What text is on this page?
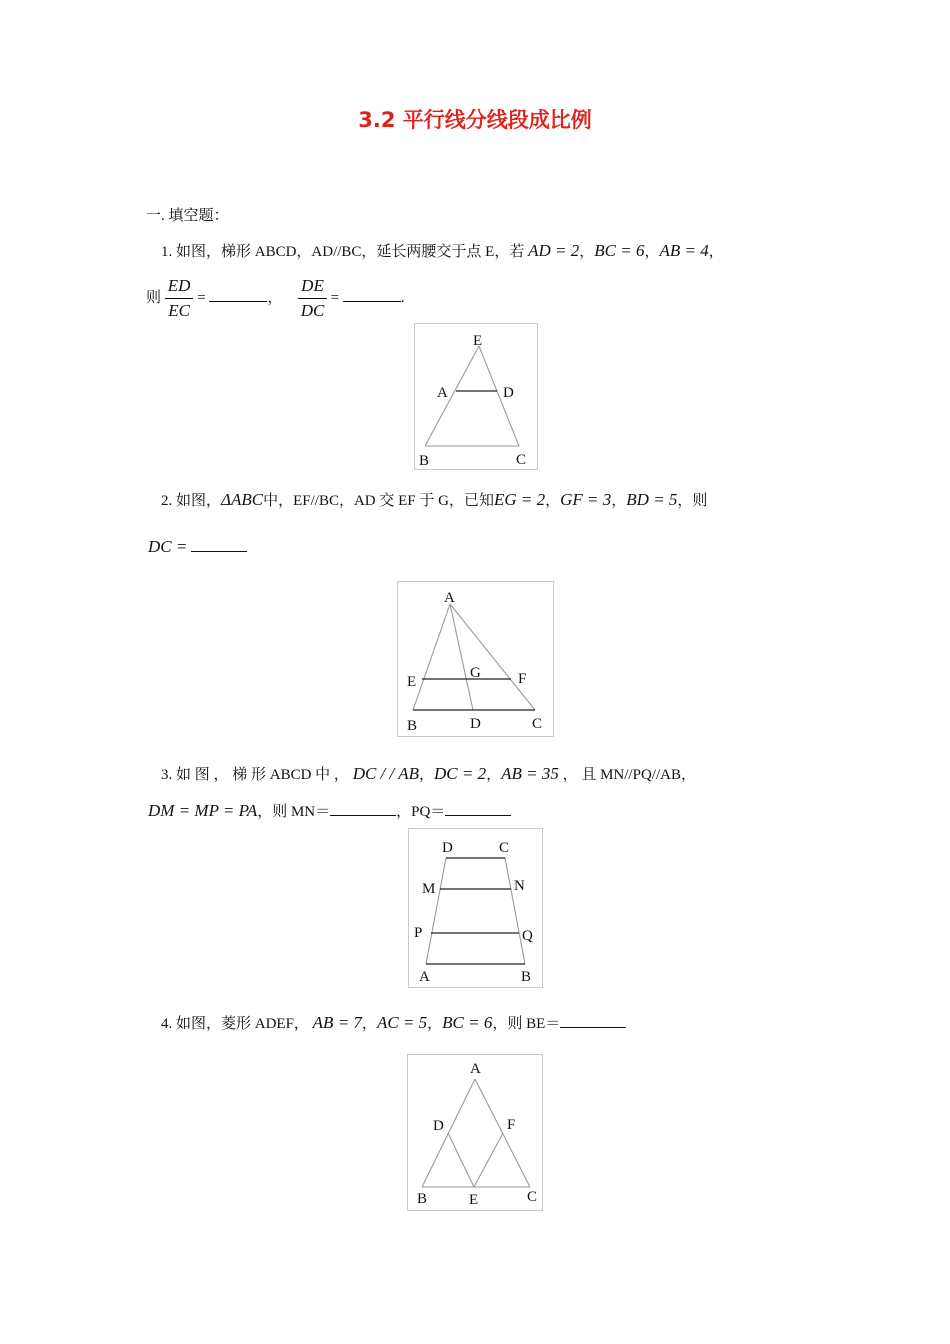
3.2 平行线分线段成比例
一. 填空题：
1. 如图，梯形 ABCD，AD//BC，延长两腰交于点 E，若 AD = 2，BC = 6，AB = 4，
则 $\frac{ED}{EC}$ =	， $\frac{DE}{DC}$ =	.
E
A	D
B	C
2. 如图，ΔABC中，EF//BC，AD 交 EF 于 G，已知EG = 2，GF = 3，BD = 5，则
DC =
A
G
E	F
B	D	C
3. 如 图 ， 梯 形 ABCD 中 ， DC / / AB，DC = 2，AB = 35 ， 且 MN//PQ//AB，
DM = MP = PA，则 MN＝	，PQ＝
D	C
M	N
P	Q
A	B
4. 如图，菱形 ADEF， AB = 7，AC = 5，BC = 6，则 BE＝
A
D	F
B	E	C
